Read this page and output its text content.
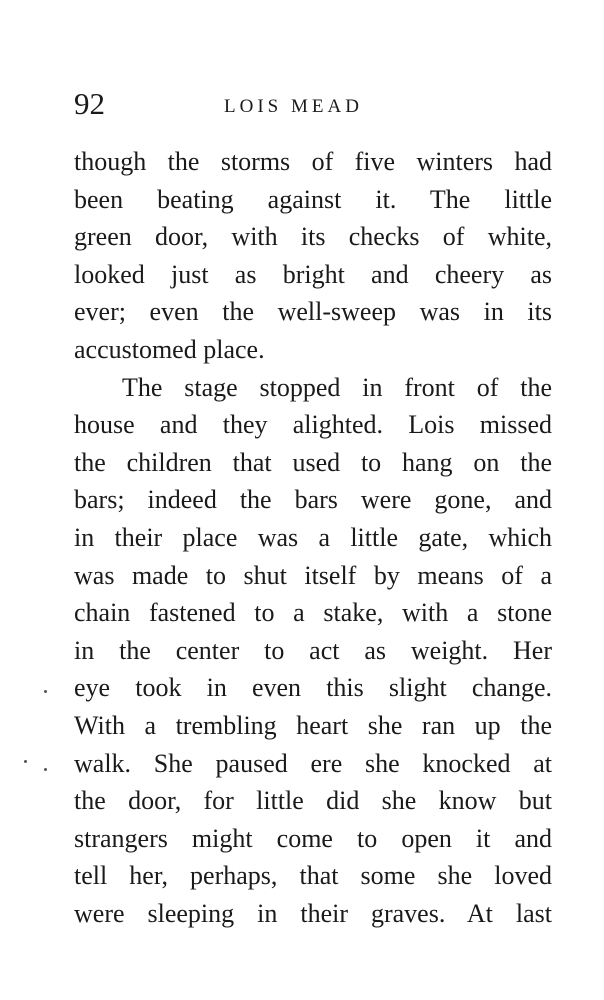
92	LOIS MEAD
though the storms of five winters had
been beating against it. The little
green door, with its checks of white,
looked just as bright and cheery as
ever; even the well-sweep was in its
accustomed place.
The stage stopped in front of the
house and they alighted. Lois missed
the children that used to hang on the
bars; indeed the bars were gone, and
in their place was a little gate, which
was made to shut itself by means of a
chain fastened to a stake, with a stone
in the center to act as weight. Her
eye took in even this slight change.
With a trembling heart she ran up the
walk. She paused ere she knocked at
the door, for little did she know but
strangers might come to open it and
tell her, perhaps, that some she loved
were sleeping in their graves. At last
